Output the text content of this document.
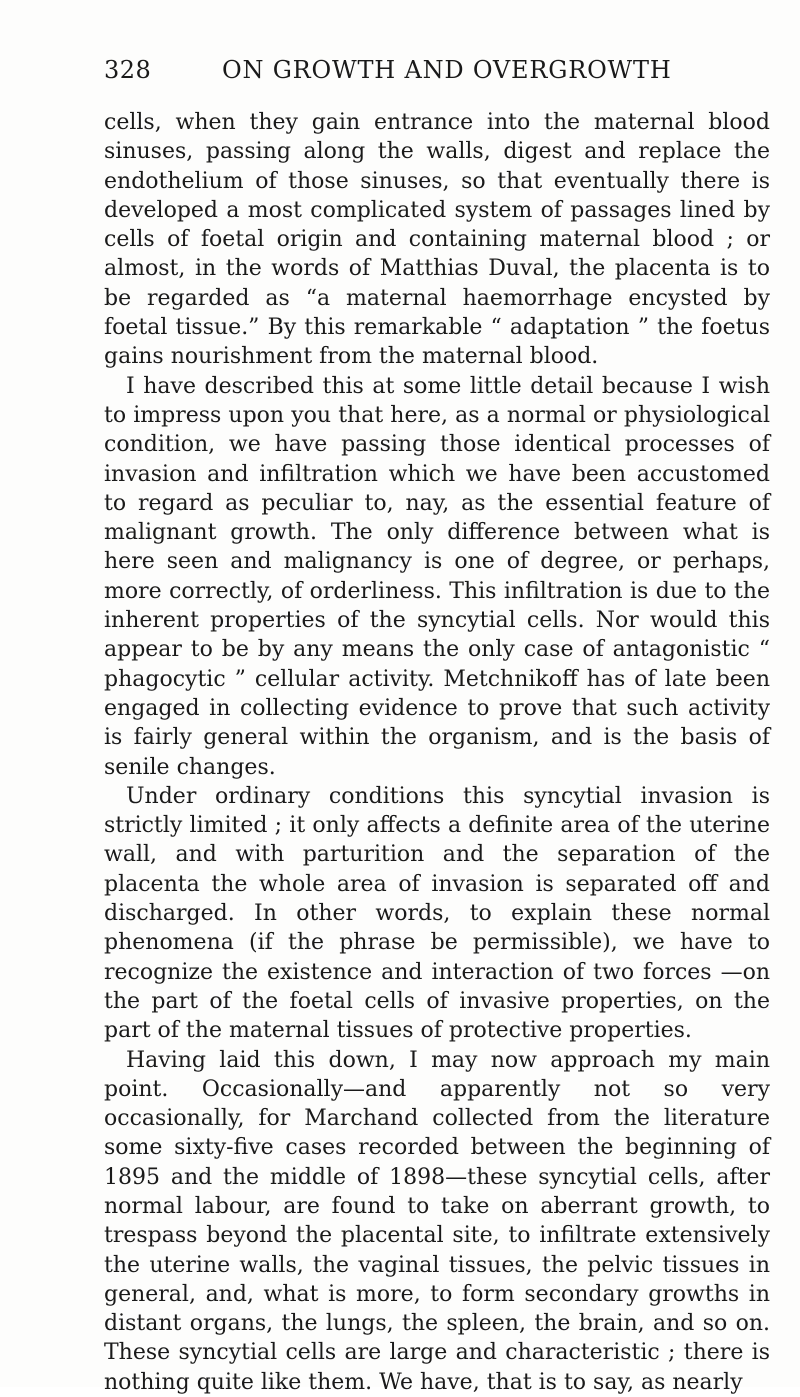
328	ON GROWTH AND OVERGROWTH

cells, when they gain entrance into the maternal blood sinuses, passing along the walls, digest and replace the endothelium of those sinuses, so that eventually there is developed a most complicated system of passages lined by cells of foetal origin and containing maternal blood ; or almost, in the words of Matthias Duval, the placenta is to be regarded as “a maternal haemorrhage encysted by foetal tissue.” By this remarkable “ adaptation ” the foetus gains nourishment from the maternal blood.

I have described this at some little detail because I wish to impress upon you that here, as a normal or physiological condition, we have passing those identical processes of invasion and infiltration which we have been accustomed to regard as peculiar to, nay, as the essential feature of malignant growth. The only difference between what is here seen and malignancy is one of degree, or perhaps, more correctly, of orderliness. This infiltration is due to the inherent properties of the syncytial cells. Nor would this appear to be by any means the only case of antagonistic “ phagocytic ” cellular activity. Metchnikoff has of late been engaged in collecting evidence to prove that such activity is fairly general within the organism, and is the basis of senile changes.

Under ordinary conditions this syncytial invasion is strictly limited ; it only affects a definite area of the uterine wall, and with parturition and the separation of the placenta the whole area of invasion is separated off and discharged. In other words, to explain these normal phenomena (if the phrase be permissible), we have to recognize the existence and interaction of two forces —on the part of the foetal cells of invasive properties, on the part of the maternal tissues of protective properties.

Having laid this down, I may now approach my main point. Occasionally—and apparently not so very occasionally, for Marchand collected from the literature some sixty-five cases recorded between the beginning of 1895 and the middle of 1898—these syncytial cells, after normal labour, are found to take on aberrant growth, to trespass beyond the placental site, to infiltrate extensively the uterine walls, the vaginal tissues, the pelvic tissues in general, and, what is more, to form secondary growths in distant organs, the lungs, the spleen, the brain, and so on. These syncytial cells are large and characteristic ; there is nothing quite like them. We have, that is to say, as nearly
